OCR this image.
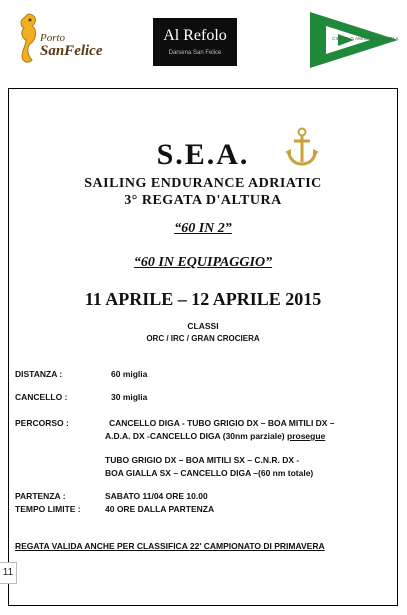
Porto
SanFelice
Al Refolo
Darsena San Felice
CIRCOLO AMICI DELLA VELA
S.E.A.
SAILING ENDURANCE ADRIATIC
3° REGATA D'ALTURA
“60 IN 2”
“60 IN EQUIPAGGIO”
11 APRILE – 12 APRILE 2015
CLASSI
ORC / IRC / GRAN CROCIERA
DISTANZA :	60 miglia
CANCELLO :	30 miglia
PERCORSO :	CANCELLO DIGA - TUBO GRIGIO DX – BOA MITILI DX –
A.D.A. DX -CANCELLO DIGA (30nm parziale) prosegue
TUBO GRIGIO DX – BOA MITILI SX – C.N.R. DX -
BOA GIALLA SX – CANCELLO DIGA –(60 nm totale)
PARTENZA :	SABATO 11/04 ORE 10.00
TEMPO LIMITE :	40 ORE DALLA PARTENZA
REGATA VALIDA ANCHE PER CLASSIFICA 22' CAMPIONATO DI PRIMAVERA
11
